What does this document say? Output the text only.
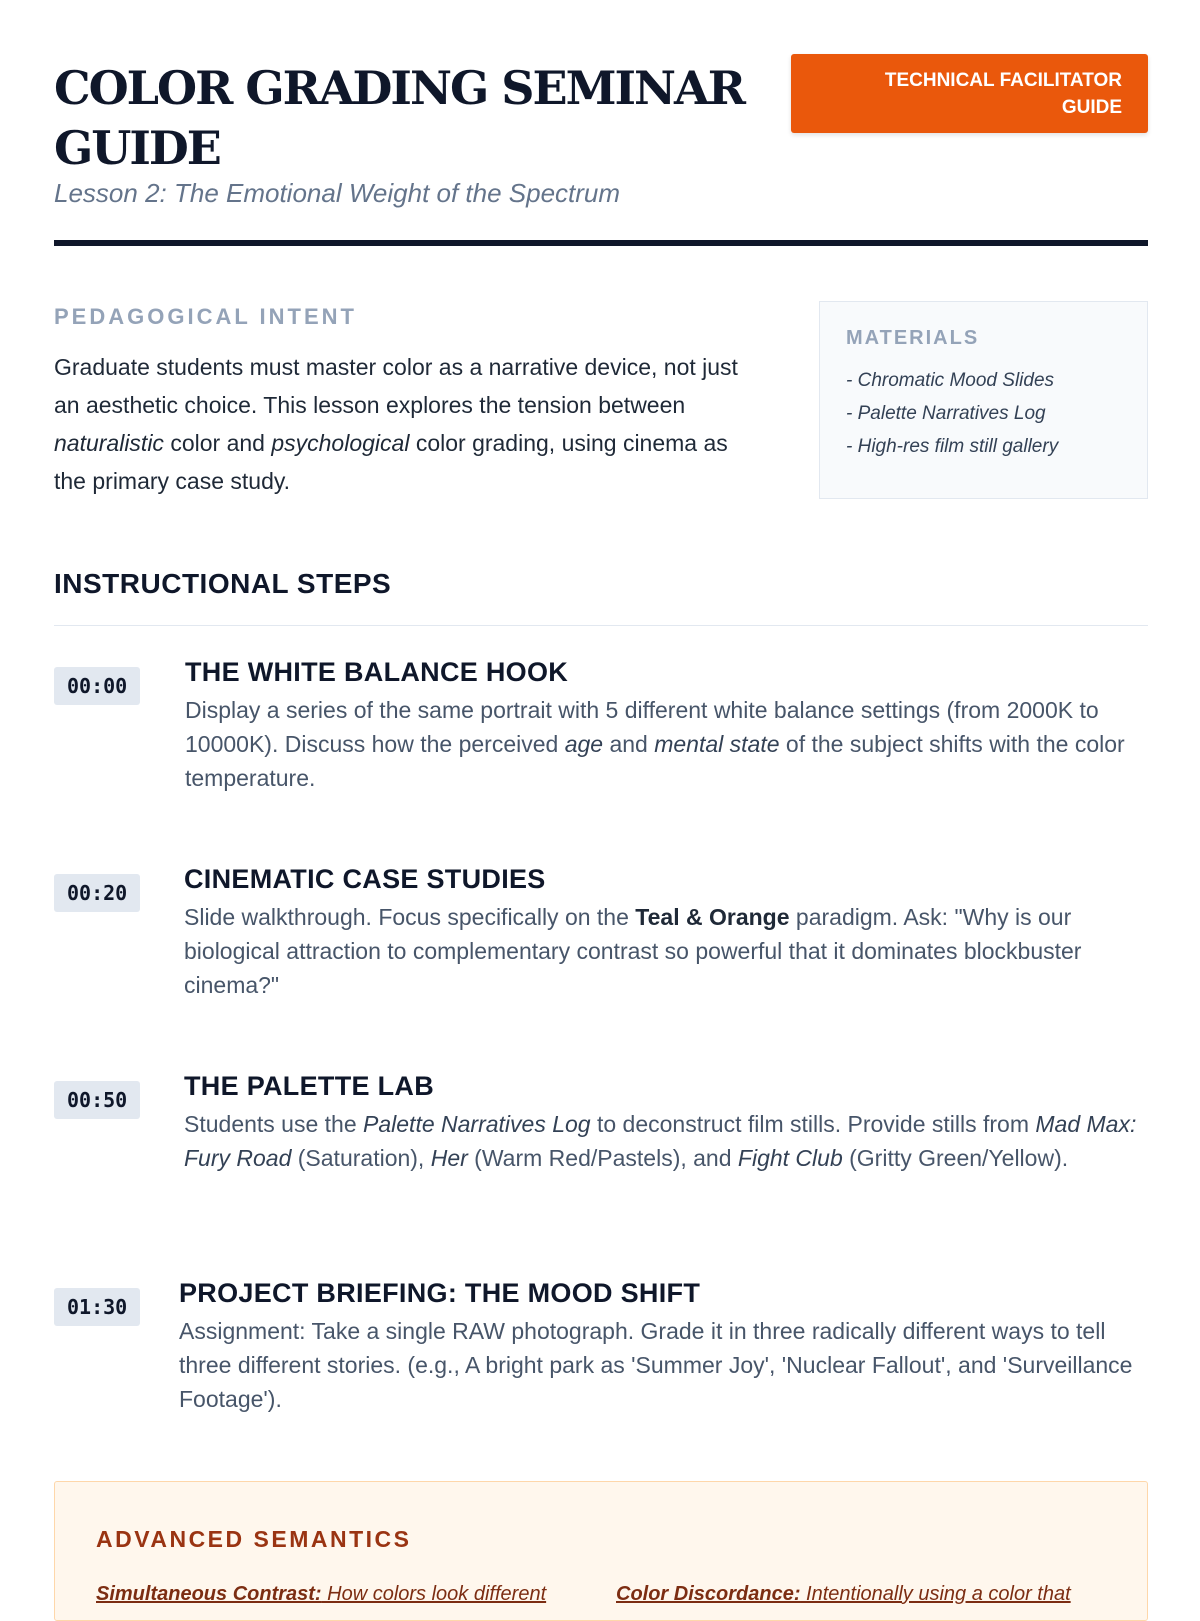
COLOR GRADING SEMINAR GUIDE
Lesson 2: The Emotional Weight of the Spectrum
TECHNICAL FACILITATOR GUIDE
PEDAGOGICAL INTENT
Graduate students must master color as a narrative device, not just an aesthetic choice. This lesson explores the tension between naturalistic color and psychological color grading, using cinema as the primary case study.
MATERIALS
- Chromatic Mood Slides
- Palette Narratives Log
- High-res film still gallery
INSTRUCTIONAL STEPS
00:00	THE WHITE BALANCE HOOK
Display a series of the same portrait with 5 different white balance settings (from 2000K to 10000K). Discuss how the perceived age and mental state of the subject shifts with the color temperature.
00:20	CINEMATIC CASE STUDIES
Slide walkthrough. Focus specifically on the Teal & Orange paradigm. Ask: "Why is our biological attraction to complementary contrast so powerful that it dominates blockbuster cinema?"
00:50	THE PALETTE LAB
Students use the Palette Narratives Log to deconstruct film stills. Provide stills from Mad Max: Fury Road (Saturation), Her (Warm Red/Pastels), and Fight Club (Gritty Green/Yellow).
01:30	PROJECT BRIEFING: THE MOOD SHIFT
Assignment: Take a single RAW photograph. Grade it in three radically different ways to tell three different stories. (e.g., A bright park as 'Summer Joy', 'Nuclear Fallout', and 'Surveillance Footage').
ADVANCED SEMANTICS
Simultaneous Contrast: How colors look different	Color Discordance: Intentionally using a color that
